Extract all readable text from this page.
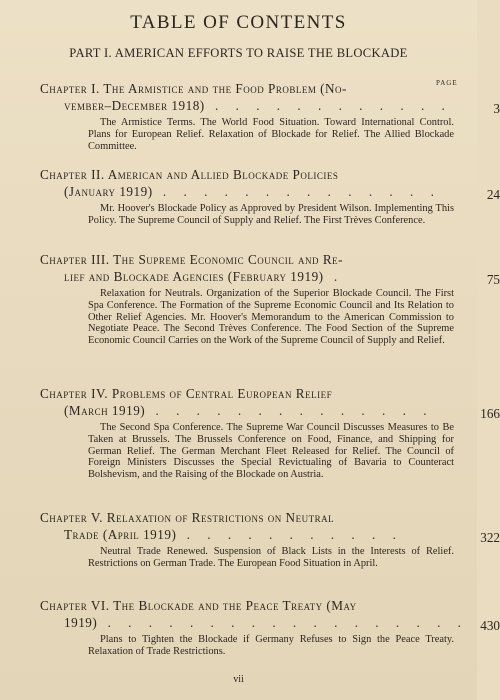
TABLE OF CONTENTS
PART I. AMERICAN EFFORTS TO RAISE THE BLOCKADE
PAGE
Chapter I. The Armistice and the Food Problem (No-
vember–December 1918) . . . . . . . . . . . .	3
The Armistice Terms. The World Food Situation. Toward International Control. Plans for European Relief. Relaxation of Blockade for Relief. The Allied Blockade Committee.
Chapter II. American and Allied Blockade Policies
(January 1919) . . . . . . . . . . . . . .	24
Mr. Hoover's Blockade Policy as Approved by President Wilson. Implementing This Policy. The Supreme Council of Supply and Relief. The First Trèves Conference.
Chapter III. The Supreme Economic Council and Re-
lief and Blockade Agencies (February 1919) .	75
Relaxation for Neutrals. Organization of the Superior Blockade Council. The First Spa Conference. The Formation of the Supreme Economic Council and Its Relation to Other Relief Agencies. Mr. Hoover's Memorandum to the American Commission to Negotiate Peace. The Second Trèves Conference. The Food Section of the Supreme Economic Council Carries on the Work of the Supreme Council of Supply and Relief.
Chapter IV. Problems of Central European Relief
(March 1919) . . . . . . . . . . . . . .	166
The Second Spa Conference. The Supreme War Council Discusses Measures to Be Taken at Brussels. The Brussels Conference on Food, Finance, and Shipping for German Relief. The German Merchant Fleet Released for Relief. The Council of Foreign Ministers Discusses the Special Revictualing of Bavaria to Counteract Bolshevism, and the Raising of the Blockade on Austria.
Chapter V. Relaxation of Restrictions on Neutral
Trade (April 1919) . . . . . . . . . . .	322
Neutral Trade Renewed. Suspension of Black Lists in the Interests of Relief. Restrictions on German Trade. The European Food Situation in April.
Chapter VI. The Blockade and the Peace Treaty (May
1919) . . . . . . . . . . . . . . . . . . 430
Plans to Tighten the Blockade if Germany Refuses to Sign the Peace Treaty. Relaxation of Trade Restrictions.
vii
